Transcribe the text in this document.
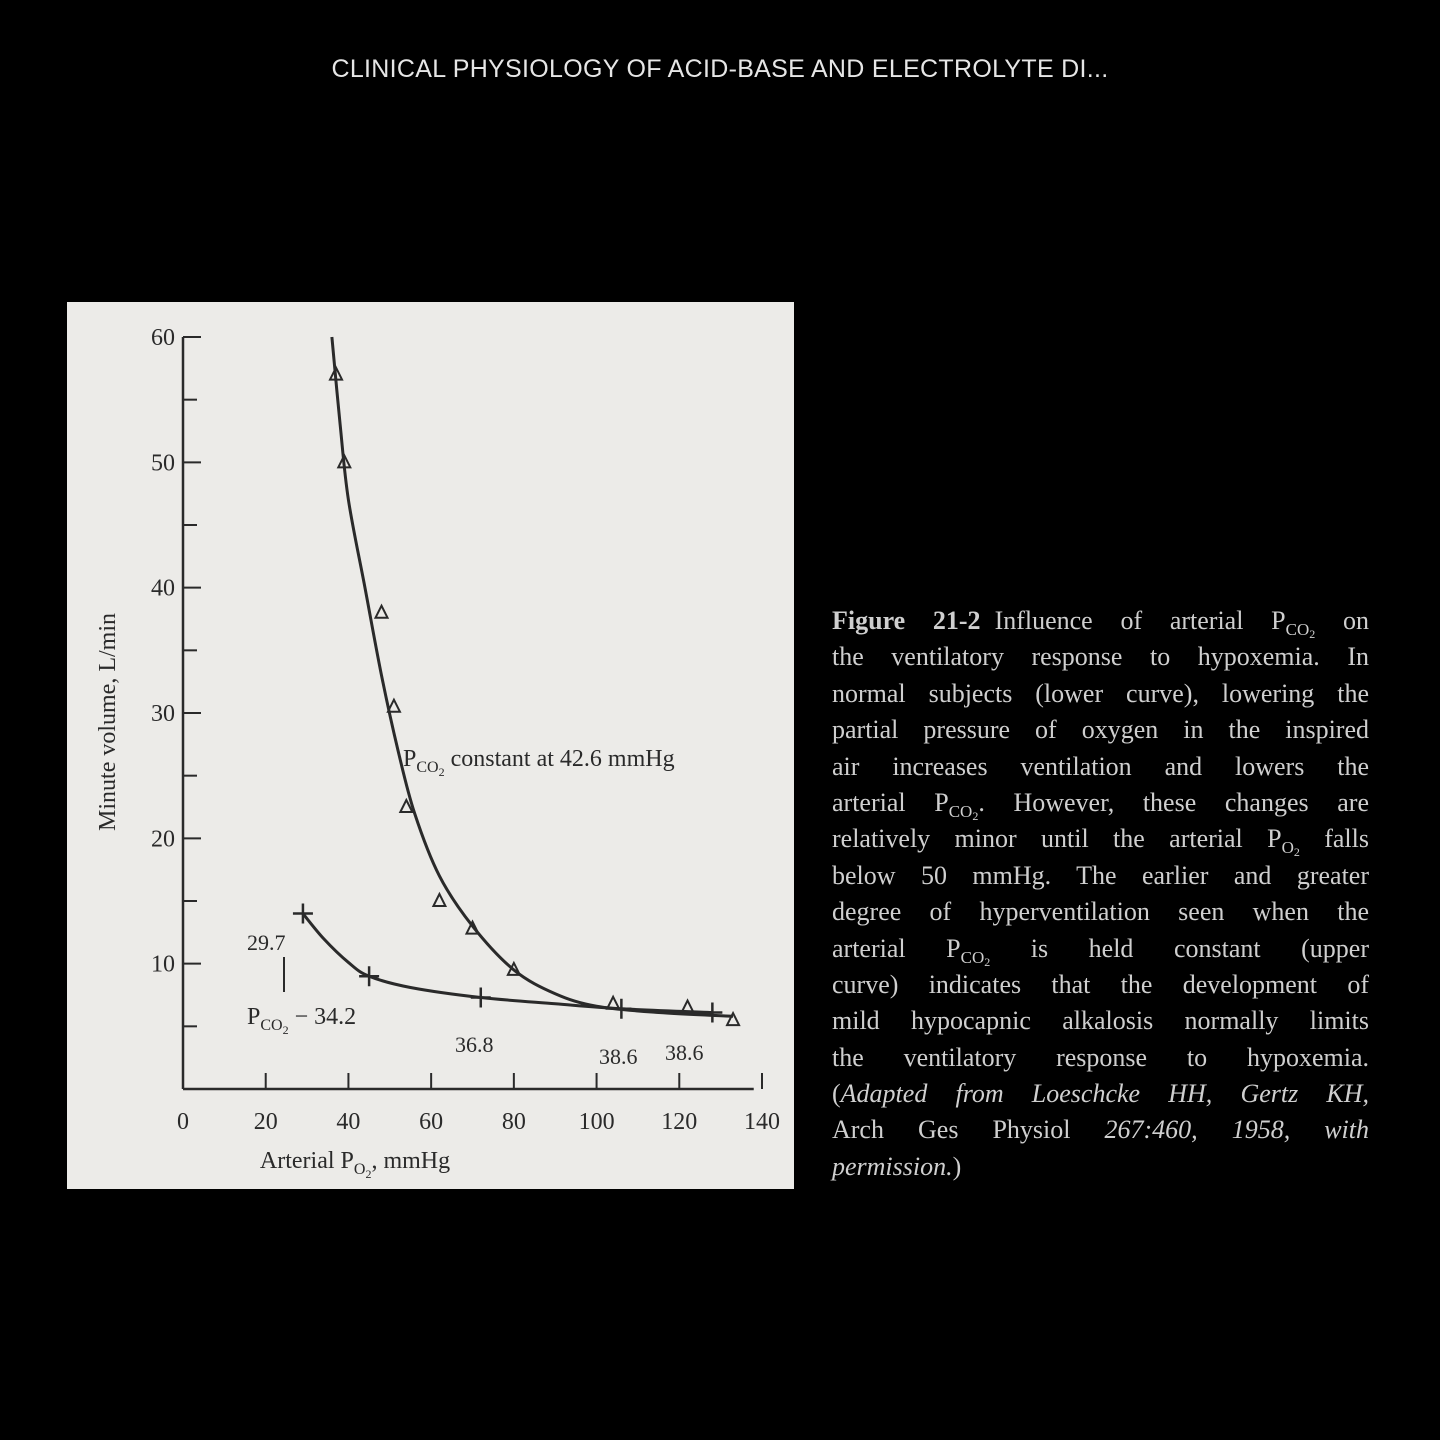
CLINICAL PHYSIOLOGY OF ACID-BASE AND ELECTROLYTE DI...
10
20
30
40
50
60
0	20 40 60 80 100 120 140
Arterial $P_O2$, mmHg
Minute volume, L/min	$P_{CO}2$ constant at 42.6 mmHg
29.7
$P_{CO}2 - 34.2$
36.8	38.6 38.6
Figure 21-2 Influence of arterial $P_{CO_2}$ on
the ventilatory response to hypoxemia. In
normal subjects (lower curve), lowering the
partial pressure of oxygen in the inspired
air increases ventilation and lowers the
arterial $P_{CO_2}$. However, these changes are
relatively minor until the arterial $P_{O_2}$ falls
below 50 mmHg. The earlier and greater
degree of hyperventilation seen when the
arterial $P_{CO_2}$ is held constant (upper
curve) indicates that the development of
mild hypocapnic alkalosis normally limits
the ventilatory response to hypoxemia.
(Adapted from Loeschcke HH, Gertz KH,
Arch Ges Physiol 267:460, 1958, with
permission.)
